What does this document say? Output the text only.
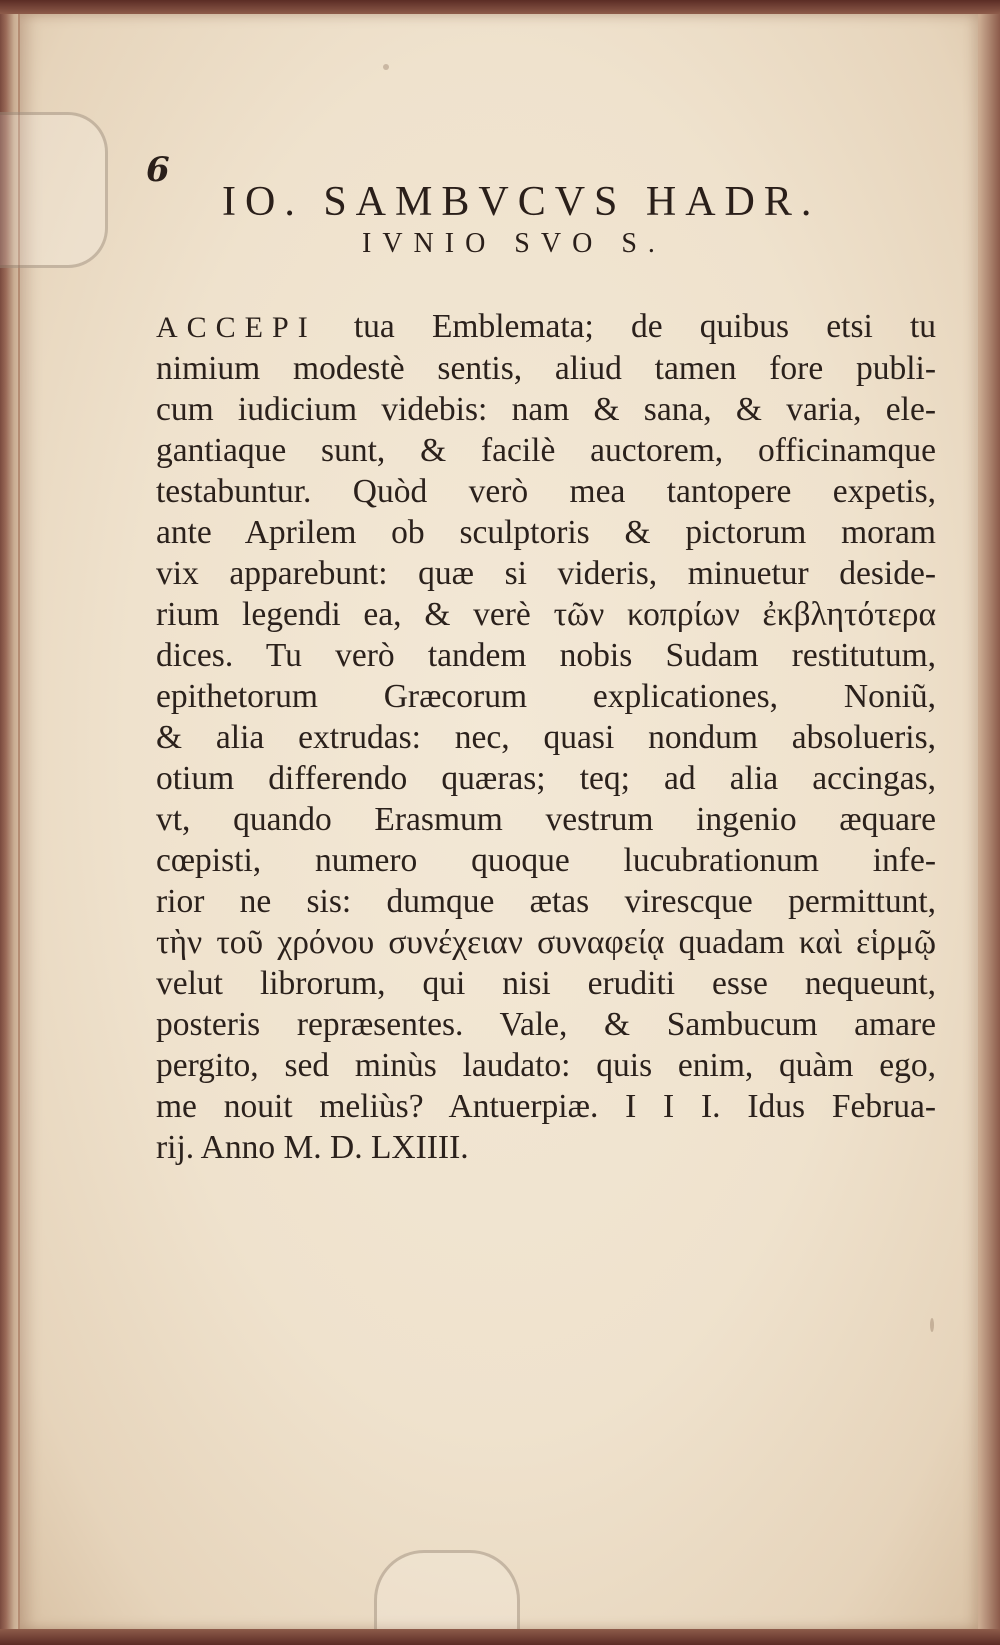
6
IO. SAMBVCVS HADR.
IVNIO SVO S.
ACCEPI tua Emblemata; de quibus etsi tu
nimium modestè sentis, aliud tamen fore publi-
cum iudicium videbis: nam & sana, & varia, ele-
gantiaque sunt, & facilè auctorem, officinamque
testabuntur. Quòd verò mea tantopere expetis,
ante Aprilem ob sculptoris & pictorum moram
vix apparebunt: quæ si videris, minuetur deside-
rium legendi ea, & verè τῶν κοπρίων ἐκβλητότερα
dices. Tu verò tandem nobis Sudam restitutum,
epithetorum Græcorum explicationes, Noniũ,
& alia extrudas: nec, quasi nondum absolueris,
otium differendo quæras; teq; ad alia accingas,
vt, quando Erasmum vestrum ingenio æquare
cœpisti, numero quoque lucubrationum infe-
rior ne sis: dumque ætas virescque permittunt,
τὴν τοῦ χρόνου συνέχειαν συναφείᾳ quadam καὶ εἱρμῷ
velut librorum, qui nisi eruditi esse nequeunt,
posteris repræsentes. Vale, & Sambucum amare
pergito, sed minùs laudato: quis enim, quàm ego,
me nouit meliùs? Antuerpiæ. I I I. Idus Februa-
rij. Anno M. D. LXIIII.
